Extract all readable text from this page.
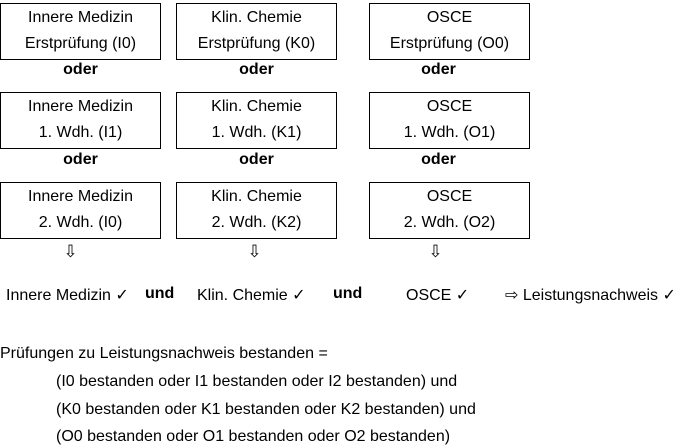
Innere Medizin
Erstprüfung (I0)
oder
Innere Medizin
1. Wdh. (I1)
oder
Innere Medizin
2. Wdh. (I0)
⇩
Klin. Chemie
Erstprüfung (K0)
oder
Klin. Chemie
1. Wdh. (K1)
oder
Klin. Chemie
2. Wdh. (K2)
⇩
OSCE
Erstprüfung (O0)
oder
OSCE
1. Wdh. (O1)
oder
OSCE
2. Wdh. (O2)
⇩
Innere Medizin ✓ und Klin. Chemie ✓ und	OSCE ✓ ⇨ Leistungsnachweis ✓
Prüfungen zu Leistungsnachweis bestanden =
(I0 bestanden oder I1 bestanden oder I2 bestanden) und
(K0 bestanden oder K1 bestanden oder K2 bestanden) und
(O0 bestanden oder O1 bestanden oder O2 bestanden)
